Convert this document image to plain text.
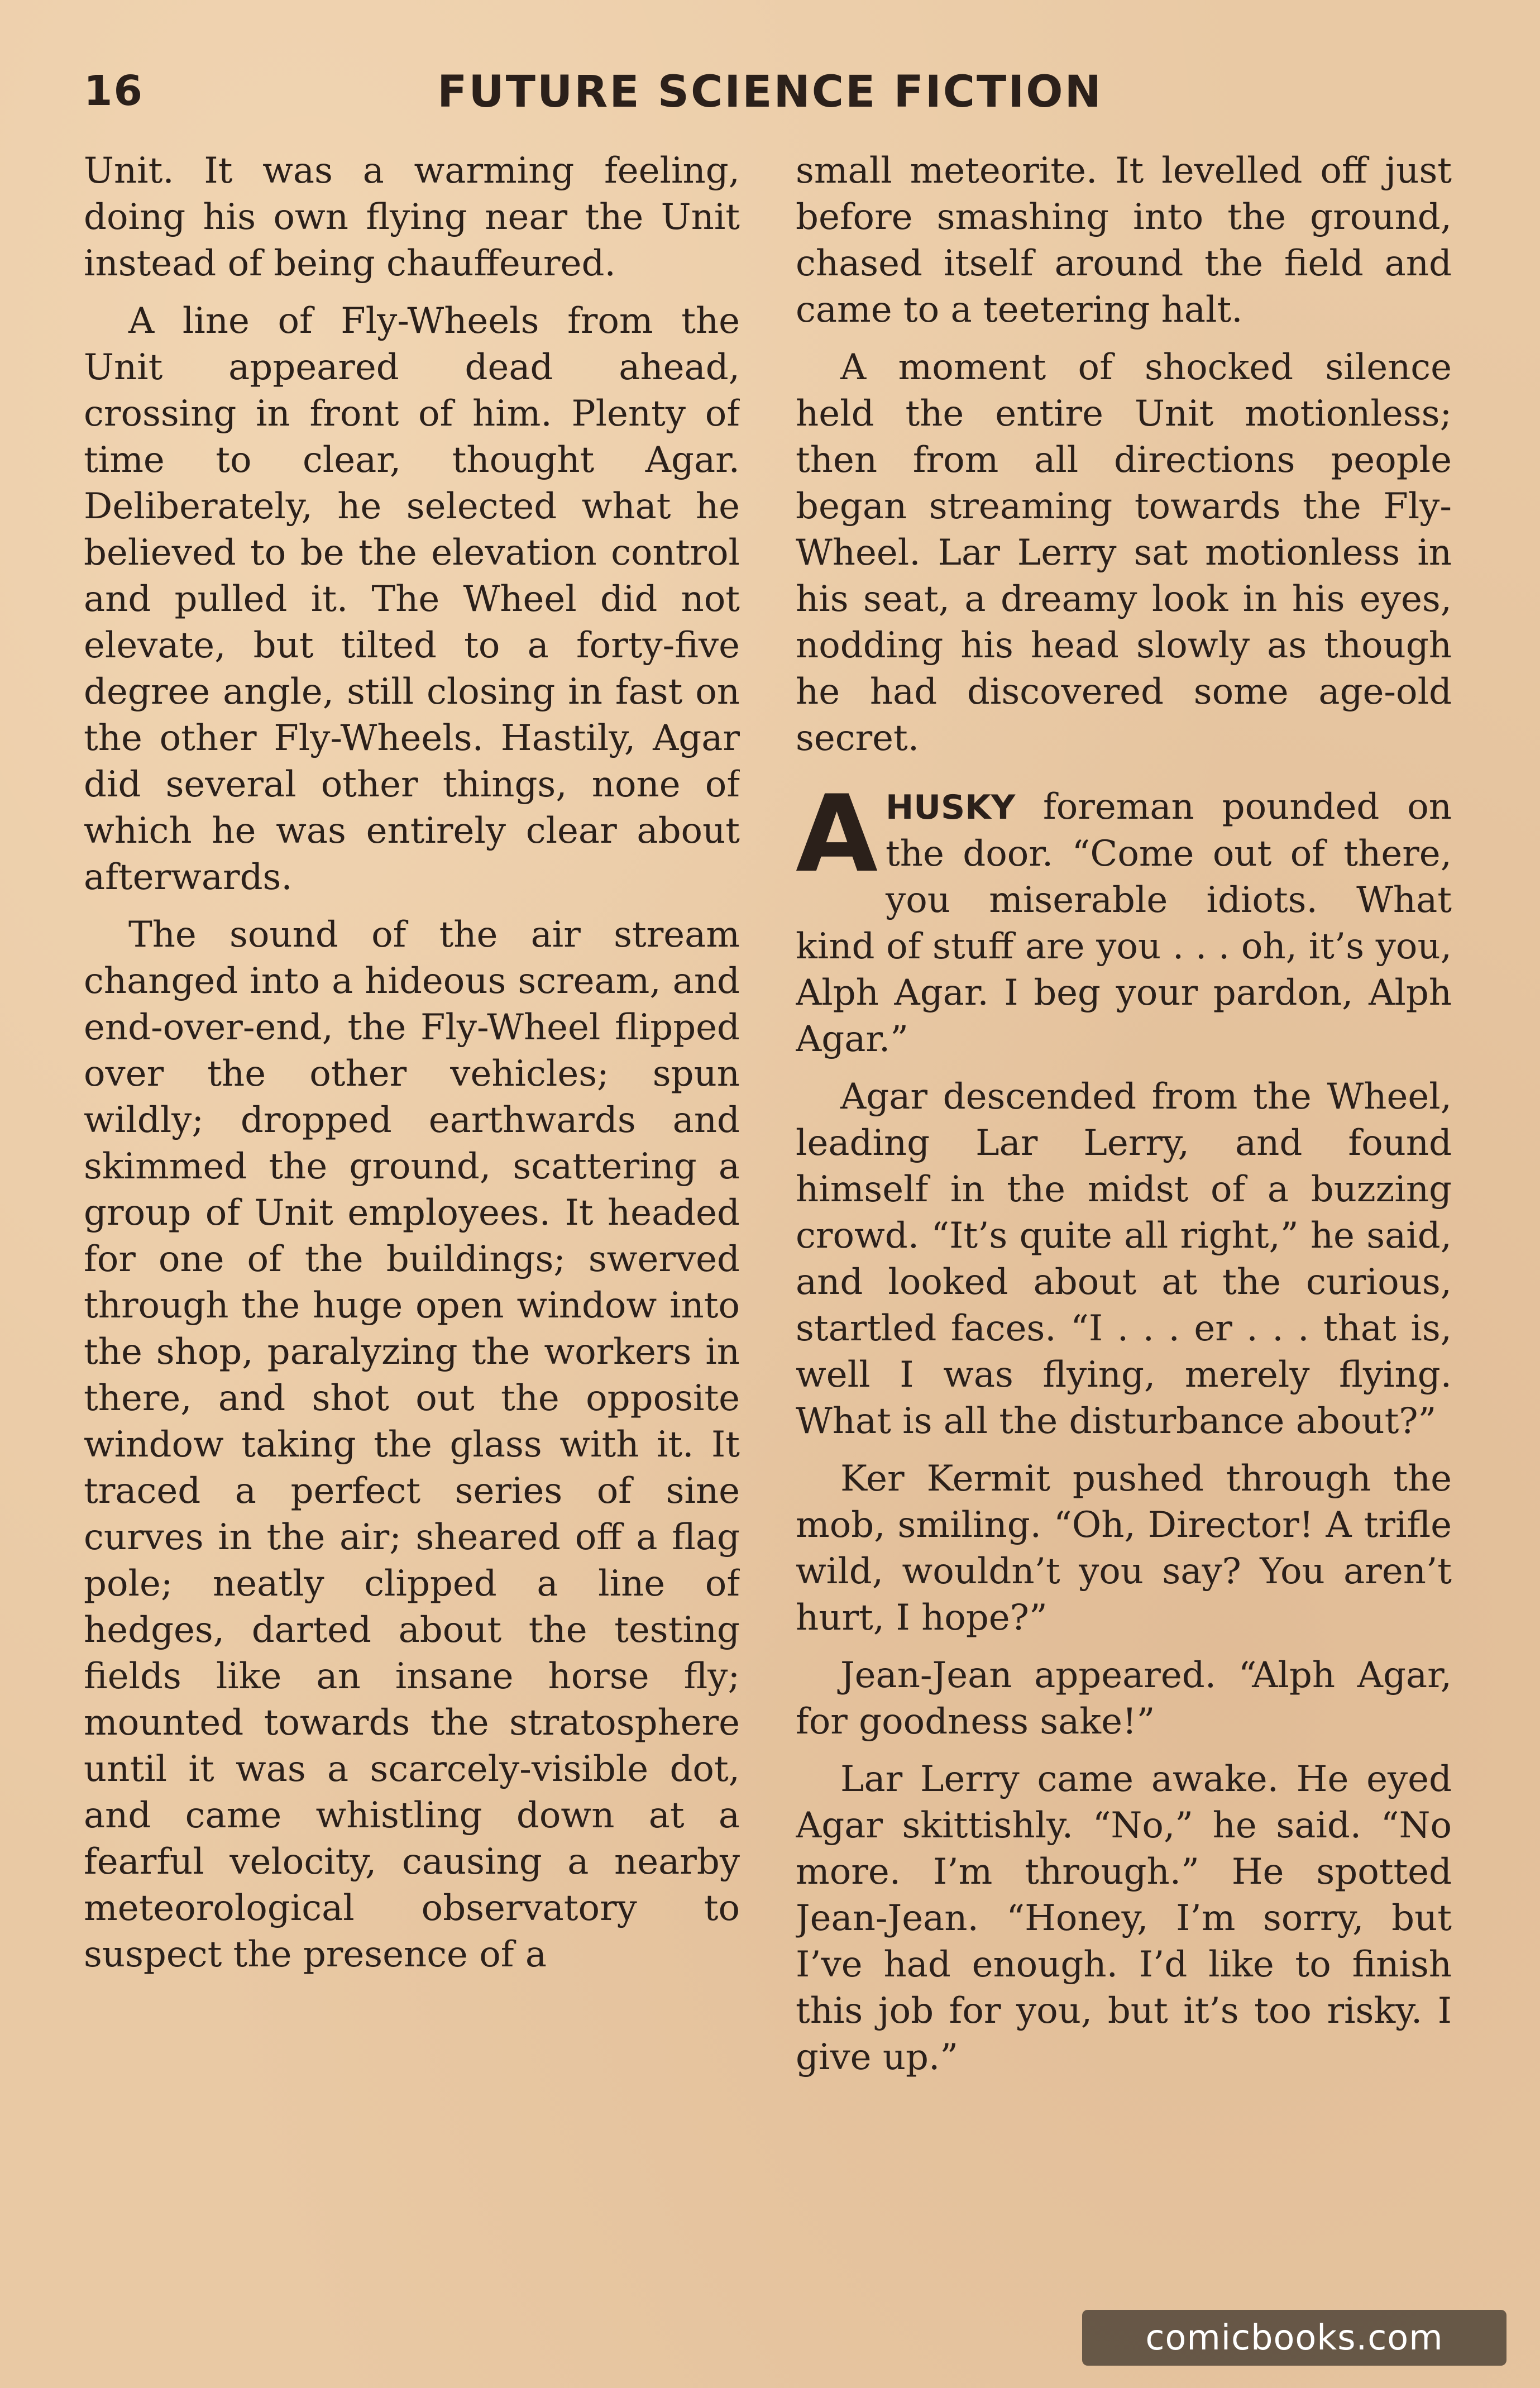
16	FUTURE SCIENCE FICTION

Unit. It was a warming feeling, doing his own flying near the Unit instead of being chauffeured.

A line of Fly-Wheels from the Unit appeared dead ahead, crossing in front of him. Plenty of time to clear, thought Agar. Deliberately, he selected what he believed to be the elevation control and pulled it. The Wheel did not elevate, but tilted to a forty-five degree angle, still closing in fast on the other Fly-Wheels. Hastily, Agar did several other things, none of which he was entirely clear about afterwards.

The sound of the air stream changed into a hideous scream, and end-over-end, the Fly-Wheel flipped over the other vehicles; spun wildly; dropped earthwards and skimmed the ground, scattering a group of Unit employees. It headed for one of the buildings; swerved through the huge open window into the shop, paralyzing the workers in there, and shot out the opposite window taking the glass with it. It traced a perfect series of sine curves in the air; sheared off a flag pole; neatly clipped a line of hedges, darted about the testing fields like an insane horse fly; mounted towards the stratosphere until it was a scarcely-visible dot, and came whistling down at a fearful velocity, causing a nearby meteorological observatory to suspect the presence of a

small meteorite. It levelled off just before smashing into the ground, chased itself around the field and came to a teetering halt.

A moment of shocked silence held the entire Unit motionless; then from all directions people began streaming towards the Fly-Wheel. Lar Lerry sat motionless in his seat, a dreamy look in his eyes, nodding his head slowly as though he had discovered some age-old secret.

AHUSKY foreman pounded on the door. “Come out of there, you miserable idiots. What kind of stuff are you . . . oh, it’s you, Alph Agar. I beg your pardon, Alph Agar.”

Agar descended from the Wheel, leading Lar Lerry, and found himself in the midst of a buzzing crowd. “It’s quite all right,” he said, and looked about at the curious, startled faces. “I . . . er . . . that is, well I was flying, merely flying. What is all the disturbance about?”

Ker Kermit pushed through the mob, smiling. “Oh, Director! A trifle wild, wouldn’t you say? You aren’t hurt, I hope?”

Jean-Jean appeared. “Alph Agar, for goodness sake!”

Lar Lerry came awake. He eyed Agar skittishly. “No,” he said. “No more. I’m through.” He spotted Jean-Jean. “Honey, I’m sorry, but I’ve had enough. I’d like to finish this job for you, but it’s too risky. I give up.”

comicbooks.com
